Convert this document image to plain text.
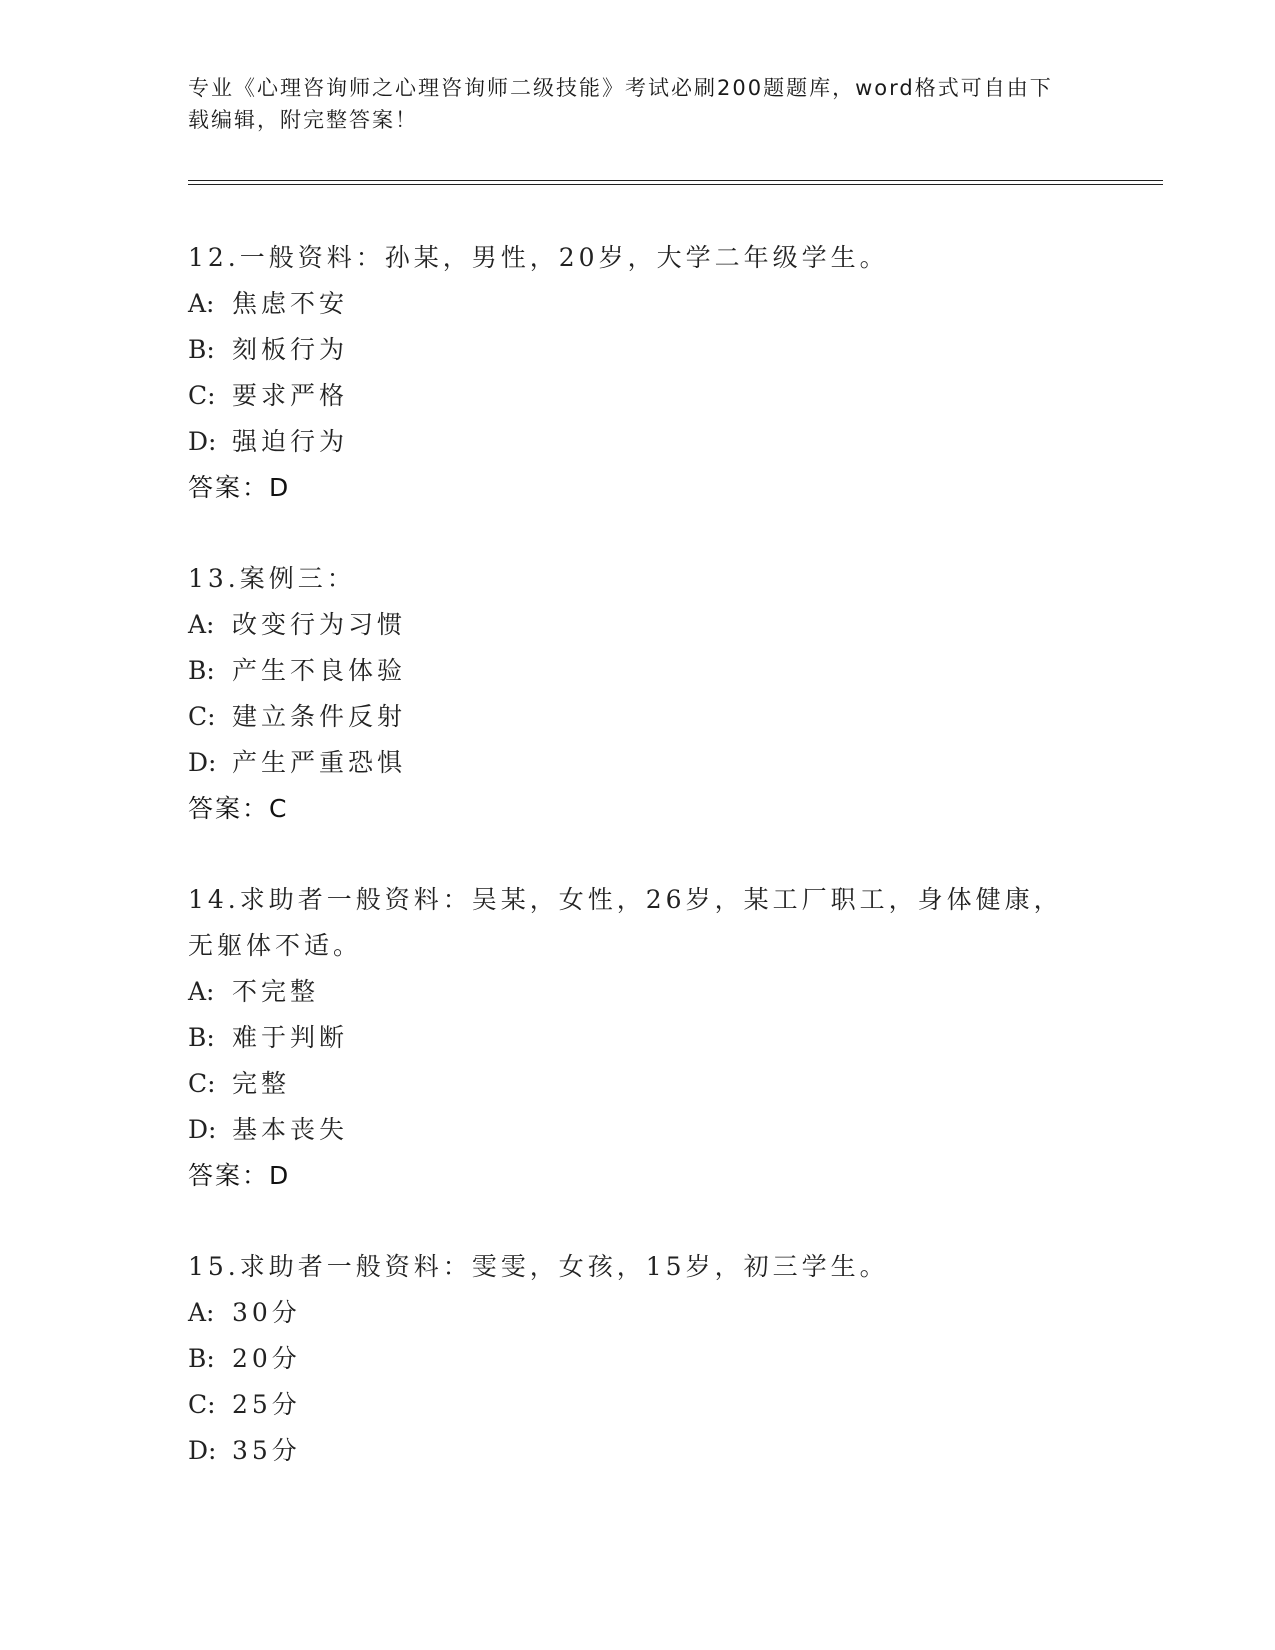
专业《心理咨询师之心理咨询师二级技能》考试必刷200题题库，word格式可自由下载编辑，附完整答案！
12.一般资料：孙某，男性，20岁，大学二年级学生。
A: 焦虑不安
B: 刻板行为
C: 要求严格
D: 强迫行为
答案：D
13.案例三：
A: 改变行为习惯
B: 产生不良体验
C: 建立条件反射
D: 产生严重恐惧
答案：C
14.求助者一般资料：吴某，女性，26岁，某工厂职工，身体健康，无躯体不适。
A: 不完整
B: 难于判断
C: 完整
D: 基本丧失
答案：D
15.求助者一般资料：雯雯，女孩，15岁，初三学生。
A: 30分
B: 20分
C: 25分
D: 35分
